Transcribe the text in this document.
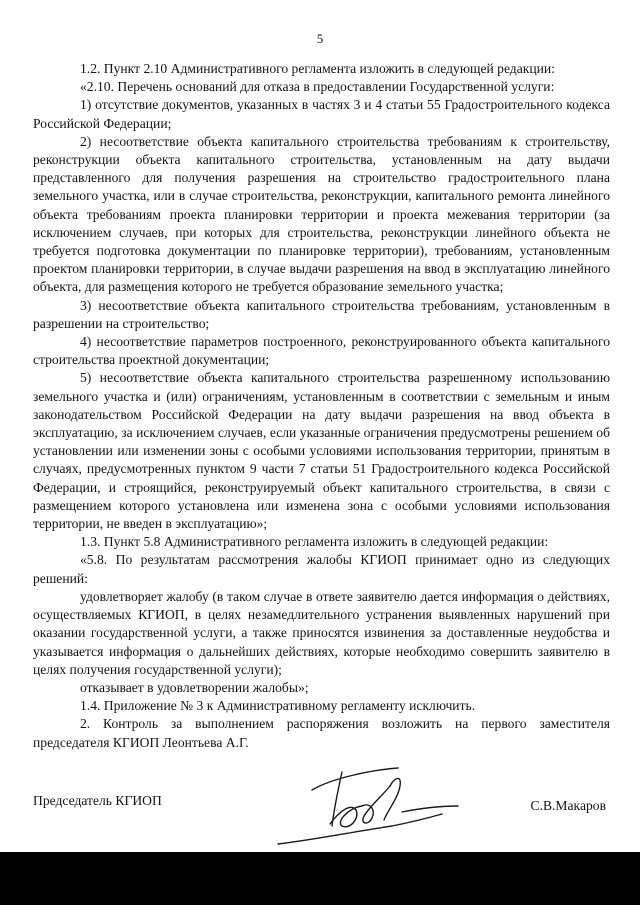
5

1.2. Пункт 2.10 Административного регламента изложить в следующей редакции:

«2.10. Перечень оснований для отказа в предоставлении Государственной услуги:

1) отсутствие документов, указанных в частях 3 и 4 статьи 55 Градостроительного кодекса Российской Федерации;

2) несоответствие объекта капитального строительства требованиям к строительству, реконструкции объекта капитального строительства, установленным на дату выдачи представленного для получения разрешения на строительство градостроительного плана земельного участка, или в случае строительства, реконструкции, капитального ремонта линейного объекта требованиям проекта планировки территории и проекта межевания территории (за исключением случаев, при которых для строительства, реконструкции линейного объекта не требуется подготовка документации по планировке территории), требованиям, установленным проектом планировки территории, в случае выдачи разрешения на ввод в эксплуатацию линейного объекта, для размещения которого не требуется образование земельного участка;

3) несоответствие объекта капитального строительства требованиям, установленным в разрешении на строительство;

4) несоответствие параметров построенного, реконструированного объекта капитального строительства проектной документации;

5) несоответствие объекта капитального строительства разрешенному использованию земельного участка и (или) ограничениям, установленным в соответствии с земельным и иным законодательством Российской Федерации на дату выдачи разрешения на ввод объекта в эксплуатацию, за исключением случаев, если указанные ограничения предусмотрены решением об установлении или изменении зоны с особыми условиями использования территории, принятым в случаях, предусмотренных пунктом 9 части 7 статьи 51 Градостроительного кодекса Российской Федерации, и строящийся, реконструируемый объект капитального строительства, в связи с размещением которого установлена или изменена зона с особыми условиями использования территории, не введен в эксплуатацию»;

1.3. Пункт 5.8 Административного регламента изложить в следующей редакции:

«5.8. По результатам рассмотрения жалобы КГИОП принимает одно из следующих решений:

удовлетворяет жалобу (в таком случае в ответе заявителю дается информация о действиях, осуществляемых КГИОП, в целях незамедлительного устранения выявленных нарушений при оказании государственной услуги, а также приносятся извинения за доставленные неудобства и указывается информация о дальнейших действиях, которые необходимо совершить заявителю в целях получения государственной услуги);

отказывает в удовлетворении жалобы»;

1.4. Приложение № 3 к Административному регламенту исключить.

2. Контроль за выполнением распоряжения возложить на первого заместителя председателя КГИОП Леонтьева А.Г.

Председатель КГИОП	С.В.Макаров
